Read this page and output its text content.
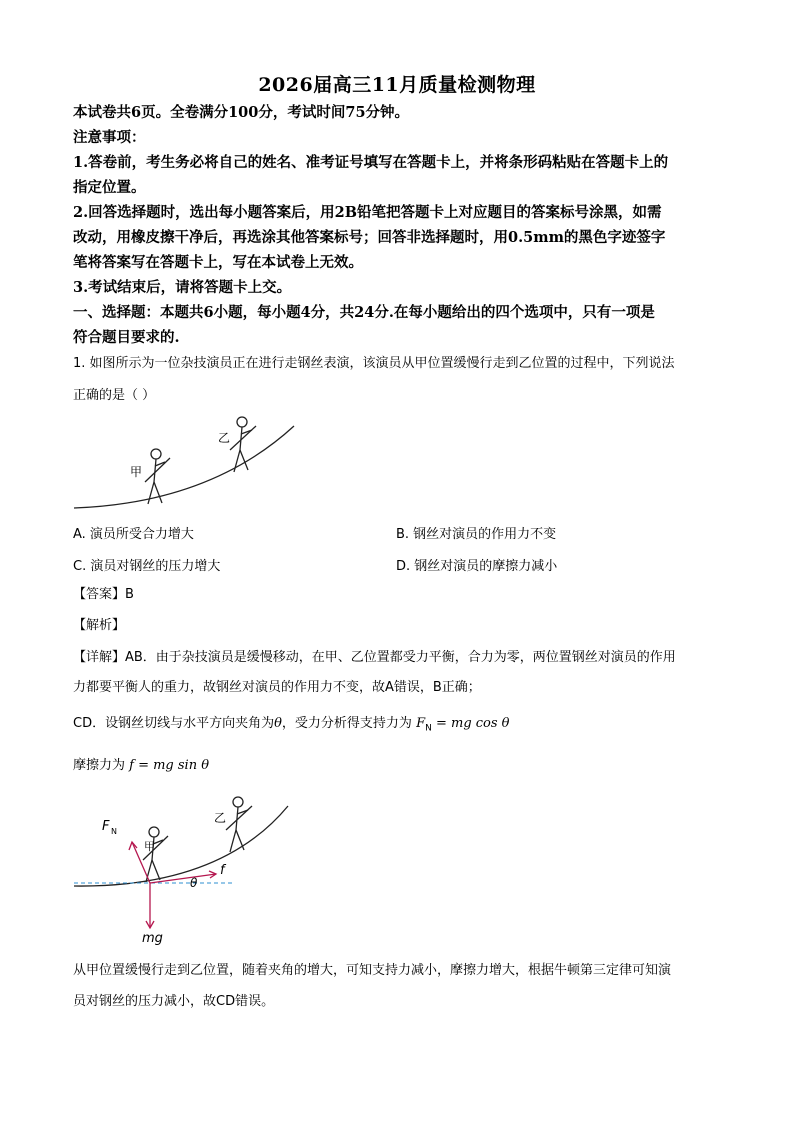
2026届高三11月质量检测物理
本试卷共6页。全卷满分100分，考试时间75分钟。
注意事项：
1.答卷前，考生务必将自己的姓名、准考证号填写在答题卡上，并将条形码粘贴在答题卡上的
指定位置。
2.回答选择题时，选出每小题答案后，用2B铅笔把答题卡上对应题目的答案标号涂黑，如需
改动，用橡皮擦干净后，再选涂其他答案标号；回答非选择题时，用0.5mm的黑色字迹签字
笔将答案写在答题卡上，写在本试卷上无效。
3.考试结束后，请将答题卡上交。
一、选择题：本题共6小题，每小题4分，共24分.在每小题给出的四个选项中，只有一项是
符合题目要求的.
1. 如图所示为一位杂技演员正在进行走钢丝表演，该演员从甲位置缓慢行走到乙位置的过程中，下列说法
正确的是（ ）
甲
乙
A. 演员所受合力增大	B. 钢丝对演员的作用力不变
C. 演员对钢丝的压力增大	D. 钢丝对演员的摩擦力减小
【答案】B
【解析】
【详解】AB．由于杂技演员是缓慢移动，在甲、乙位置都受力平衡，合力为零，两位置钢丝对演员的作用
力都要平衡人的重力，故钢丝对演员的作用力不变，故A错误，B正确；
CD．设钢丝切线与水平方向夹角为θ，受力分析得支持力为 $F_N$ = mg cos θ
摩擦力为 f = mg sin θ
甲
乙
F N
f
θ
mg
从甲位置缓慢行走到乙位置，随着夹角的增大，可知支持力减小，摩擦力增大，根据牛顿第三定律可知演
员对钢丝的压力减小，故CD错误。
